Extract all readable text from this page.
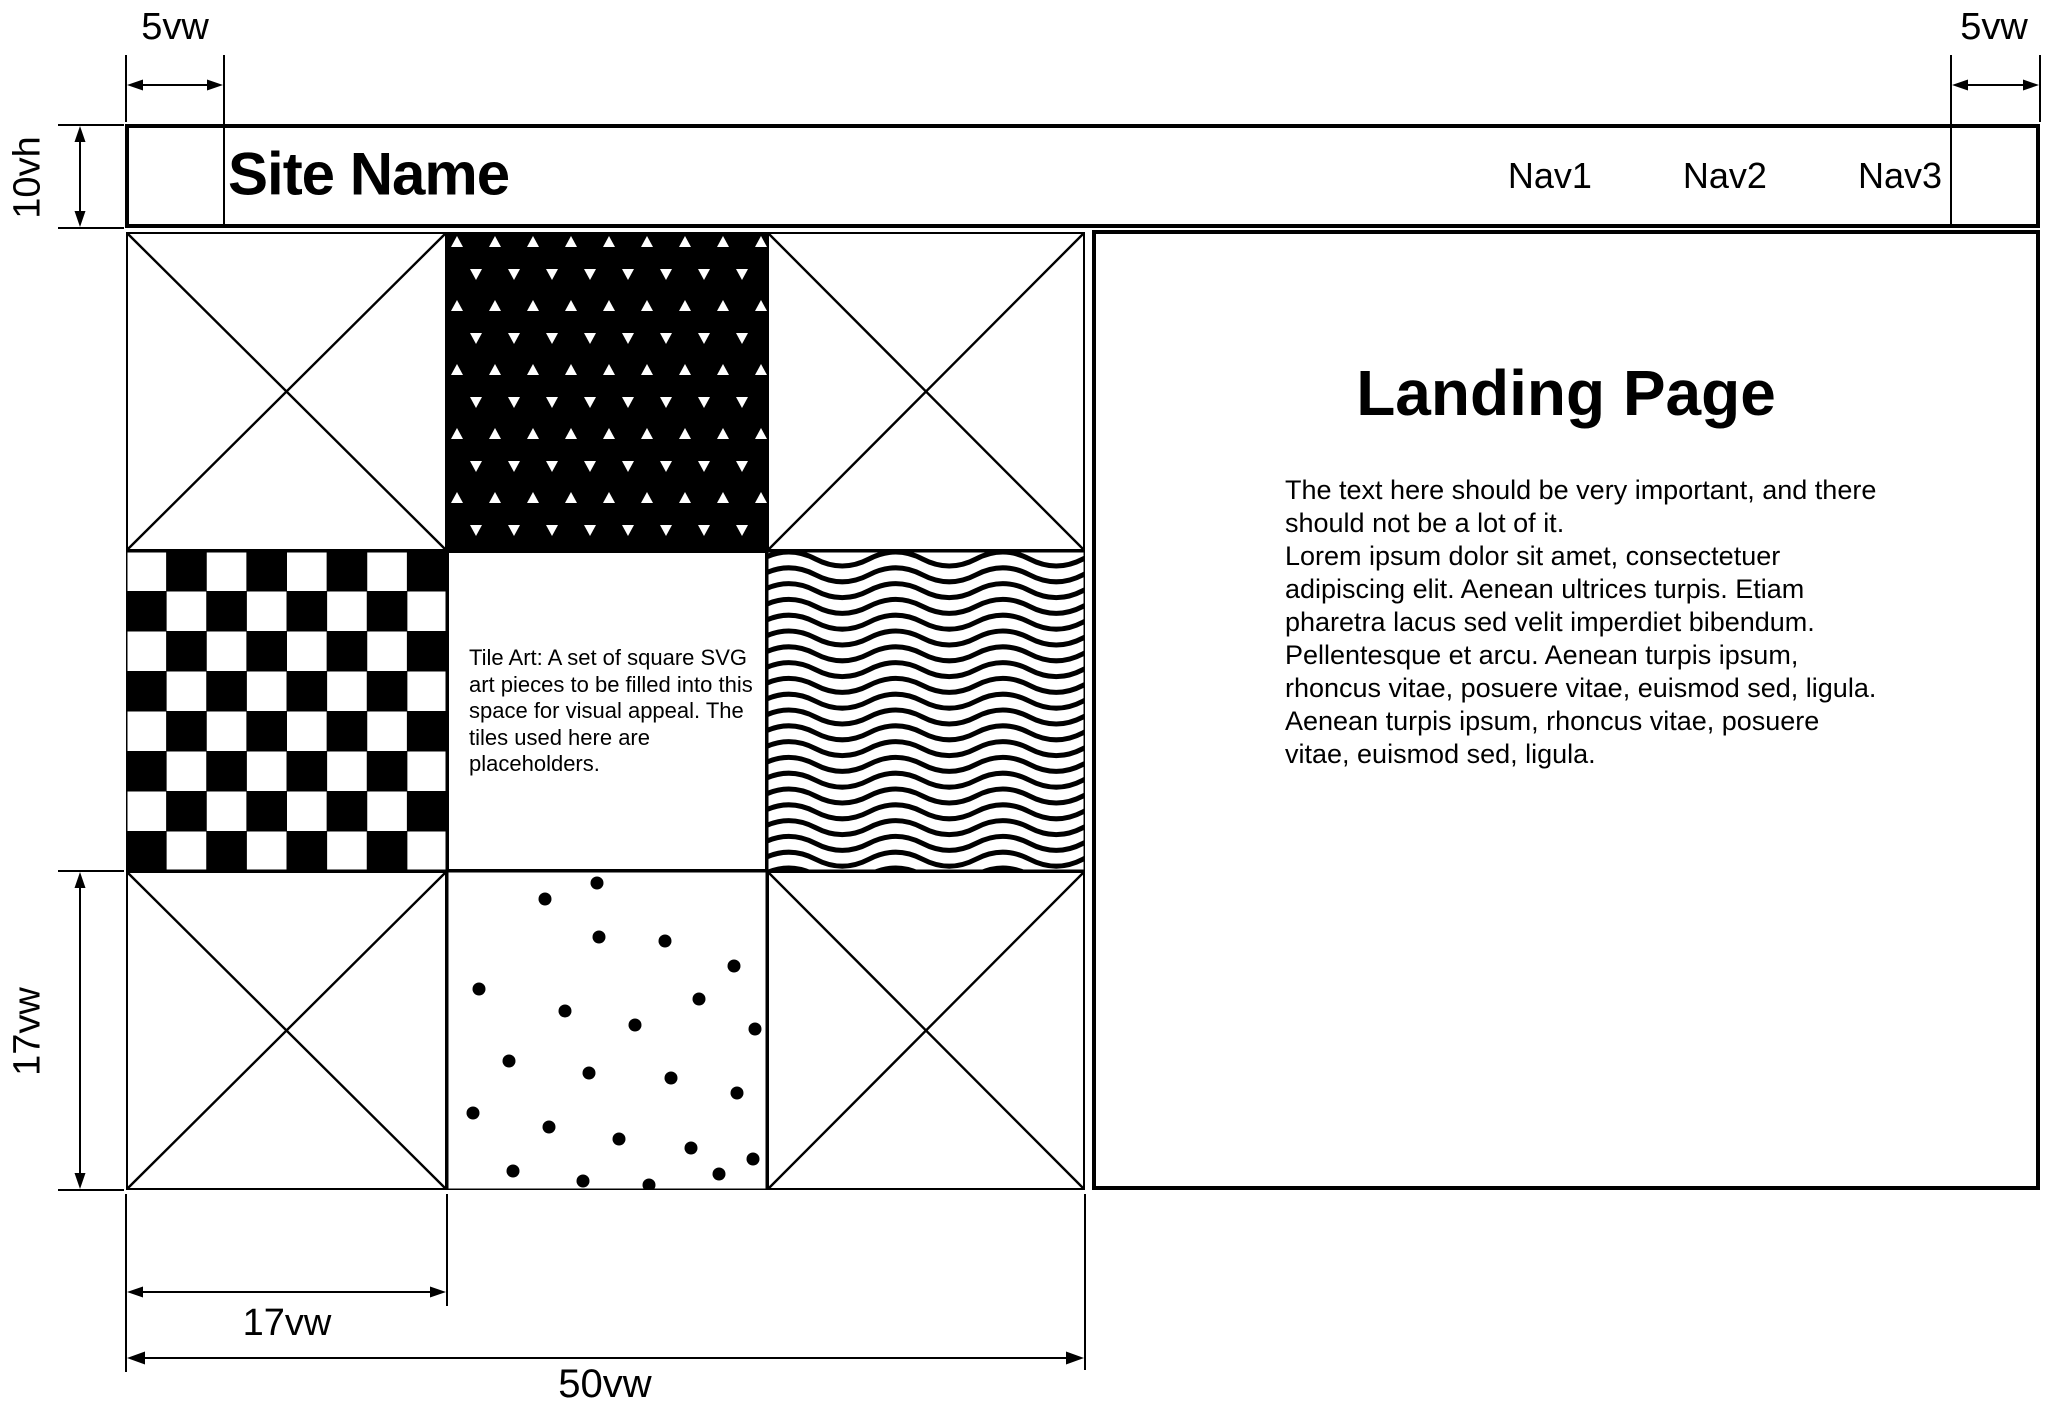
Site Name	Nav1	Nav2	Nav3
Tile Art: A set of square SVG art pieces to be filled into this space for visual appeal. The tiles used here are placeholders.
Landing Page

The text here should be very important, and there should not be a lot of it.

Lorem ipsum dolor sit amet, consectetuer adipiscing elit. Aenean ultrices turpis. Etiam pharetra lacus sed velit imperdiet bibendum. Pellentesque et arcu. Aenean turpis ipsum, rhoncus vitae, posuere vitae, euismod sed, ligula. Aenean turpis ipsum, rhoncus vitae, posuere vitae, euismod sed, ligula.

5vw	5vw
10vh
17vw
17vw
50vw
